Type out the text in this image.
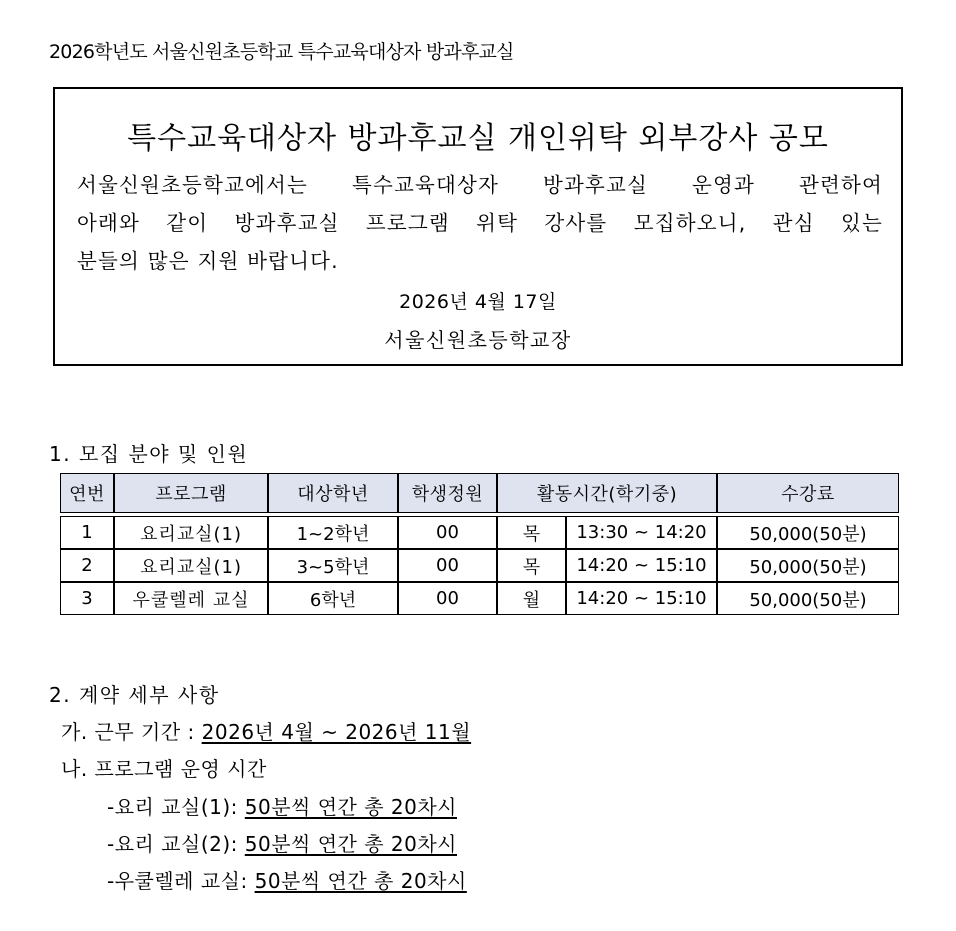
2026학년도 서울신원초등학교 특수교육대상자 방과후교실
특수교육대상자 방과후교실 개인위탁 외부강사 공모
서울신원초등학교에서는 특수교육대상자 방과후교실 운영과 관련하여
아래와 같이 방과후교실 프로그램 위탁 강사를 모집하오니, 관심 있는
분들의 많은 지원 바랍니다.
2026년 4월 17일
서울신원초등학교장
1. 모집 분야 및 인원
연번	프로그램	대상학년	학생정원	활동시간(학기중)		수강료

1	요리교실(1)	1~2학년	00	목	13:30 ~ 14:20	50,000(50분)
2	요리교실(1)	3~5학년	00	목	14:20 ~ 15:10	50,000(50분)
3	우쿨렐레 교실	6학년	00	월	14:20 ~ 15:10	50,000(50분)
2. 계약 세부 사항
가. 근무 기간 : 2026년 4월 ~ 2026년 11월
나. 프로그램 운영 시간
-요리 교실(1): 50분씩 연간 총 20차시
-요리 교실(2): 50분씩 연간 총 20차시
-우쿨렐레 교실: 50분씩 연간 총 20차시
